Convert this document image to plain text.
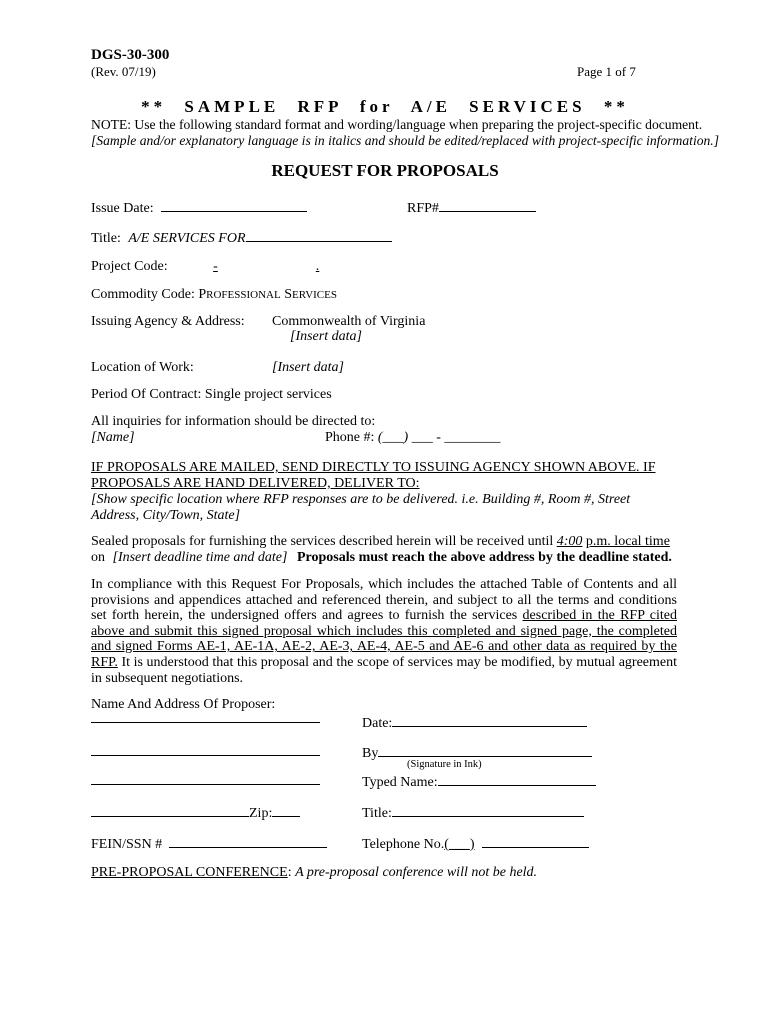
DGS-30-300
(Rev. 07/19)	Page 1 of 7
** SAMPLE RFP for A/E SERVICES **
NOTE: Use the following standard format and wording/language when preparing the project-specific document.
[Sample and/or explanatory language is in italics and should be edited/replaced with project-specific information.]
REQUEST FOR PROPOSALS
Issue Date:	RFP#
Title: A/E SERVICES FOR
Project Code:	-	.
Commodity Code: PROFESSIONAL SERVICES
Issuing Agency & Address: Commonwealth of Virginia
[Insert data]
Location of Work:	[Insert data]
Period Of Contract: Single project services
All inquiries for information should be directed to:
[Name]	Phone #: (___) ___ - ________
IF PROPOSALS ARE MAILED, SEND DIRECTLY TO ISSUING AGENCY SHOWN ABOVE. IF
PROPOSALS ARE HAND DELIVERED, DELIVER TO:
[Show specific location where RFP responses are to be delivered. i.e. Building #, Room #, Street
Address, City/Town, State]
Sealed proposals for furnishing the services described herein will be received until 4:00 p.m. local time
on [Insert deadline time and date] Proposals must reach the above address by the deadline stated.
In compliance with this Request For Proposals, which includes the attached Table of Contents and all provisions and appendices attached and referenced therein, and subject to all the terms and conditions set forth herein, the undersigned offers and agrees to furnish the services described in the RFP cited above and submit this signed proposal which includes this completed and signed page, the completed and signed Forms AE-1, AE-1A, AE-2, AE-3, AE-4, AE-5 and AE-6 and other data as required by the RFP. It is understood that this proposal and the scope of services may be modified, by mutual agreement in subsequent negotiations.
Name And Address Of Proposer:
Date:
By
(Signature in Ink)
Typed Name:
Zip:	Title:
FEIN/SSN #	Telephone No.(___)
PRE-PROPOSAL CONFERENCE: A pre-proposal conference will not be held.
